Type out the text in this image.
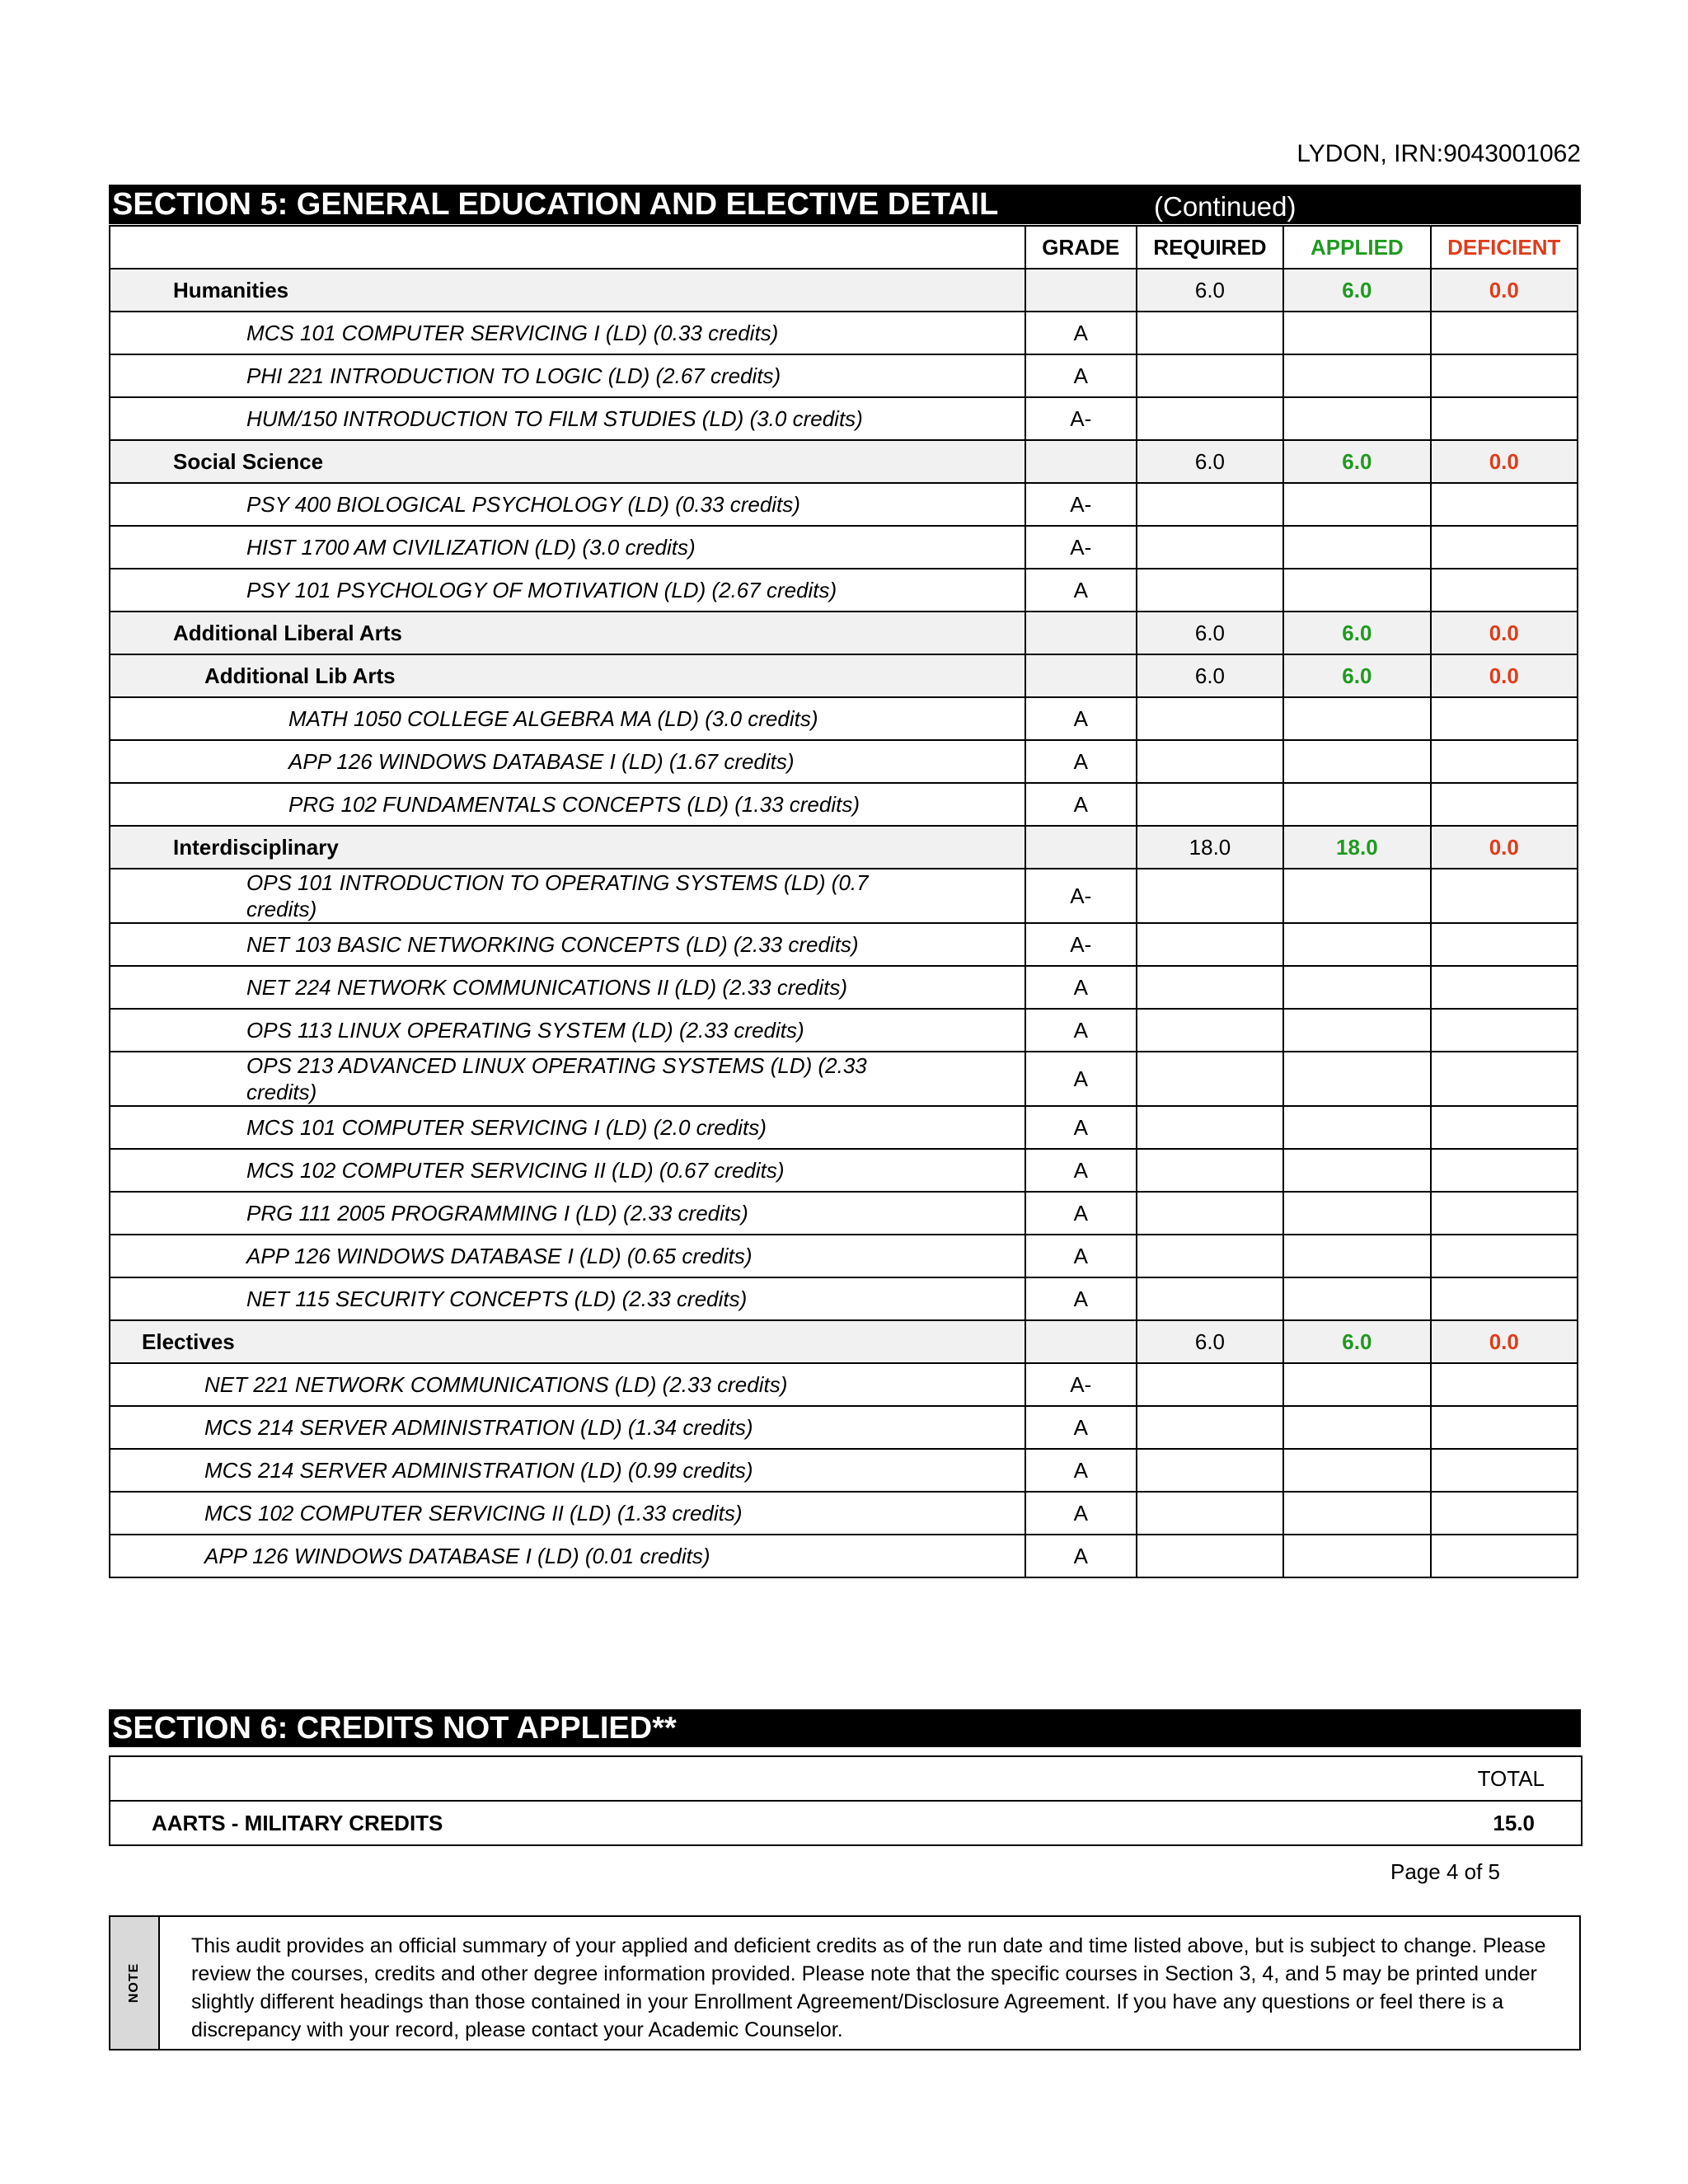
LYDON, IRN:9043001062
SECTION 5: GENERAL EDUCATION AND ELECTIVE DETAIL	(Continued)
	GRADE	REQUIRED	APPLIED	DEFICIENT
Humanities		6.0	6.0	0.0
MCS 101 COMPUTER SERVICING I (LD) (0.33 credits)	A			
PHI 221 INTRODUCTION TO LOGIC (LD) (2.67 credits)	A			
HUM/150 INTRODUCTION TO FILM STUDIES (LD) (3.0 credits)	A-			
Social Science		6.0	6.0	0.0
PSY 400 BIOLOGICAL PSYCHOLOGY (LD) (0.33 credits)	A-			
HIST 1700 AM CIVILIZATION (LD) (3.0 credits)	A-			
PSY 101 PSYCHOLOGY OF MOTIVATION (LD) (2.67 credits)	A			
Additional Liberal Arts		6.0	6.0	0.0
Additional Lib Arts		6.0	6.0	0.0
MATH 1050 COLLEGE ALGEBRA MA (LD) (3.0 credits)	A			
APP 126 WINDOWS DATABASE I (LD) (1.67 credits)	A			
PRG 102 FUNDAMENTALS CONCEPTS (LD) (1.33 credits)	A			
Interdisciplinary		18.0	18.0	0.0

OPS 101 INTRODUCTION TO OPERATING SYSTEMS (LD) (0.7
credits)	A-			
NET 103 BASIC NETWORKING CONCEPTS (LD) (2.33 credits)	A-			
NET 224 NETWORK COMMUNICATIONS II (LD) (2.33 credits)	A			
OPS 113 LINUX OPERATING SYSTEM (LD) (2.33 credits)	A			

OPS 213 ADVANCED LINUX OPERATING SYSTEMS (LD) (2.33
credits)	A			
MCS 101 COMPUTER SERVICING I (LD) (2.0 credits)	A			
MCS 102 COMPUTER SERVICING II (LD) (0.67 credits)	A			
PRG 111 2005 PROGRAMMING I (LD) (2.33 credits)	A			
APP 126 WINDOWS DATABASE I (LD) (0.65 credits)	A			
NET 115 SECURITY CONCEPTS (LD) (2.33 credits)	A			
Electives		6.0	6.0	0.0
NET 221 NETWORK COMMUNICATIONS (LD) (2.33 credits)	A-			
MCS 214 SERVER ADMINISTRATION (LD) (1.34 credits)	A			
MCS 214 SERVER ADMINISTRATION (LD) (0.99 credits)	A			
MCS 102 COMPUTER SERVICING II (LD) (1.33 credits)	A			
APP 126 WINDOWS DATABASE I (LD) (0.01 credits)	A			
SECTION 6: CREDITS NOT APPLIED**
TOTAL
AARTS - MILITARY CREDITS	15.0
Page 4 of 5
NOTE
This audit provides an official summary of your applied and deficient credits as of the run date and time listed above, but is subject to change. Please review the courses, credits and other degree information provided. Please note that the specific courses in Section 3, 4, and 5 may be printed under slightly different headings than those contained in your Enrollment Agreement/Disclosure Agreement. If you have any questions or feel there is a discrepancy with your record, please contact your Academic Counselor.
